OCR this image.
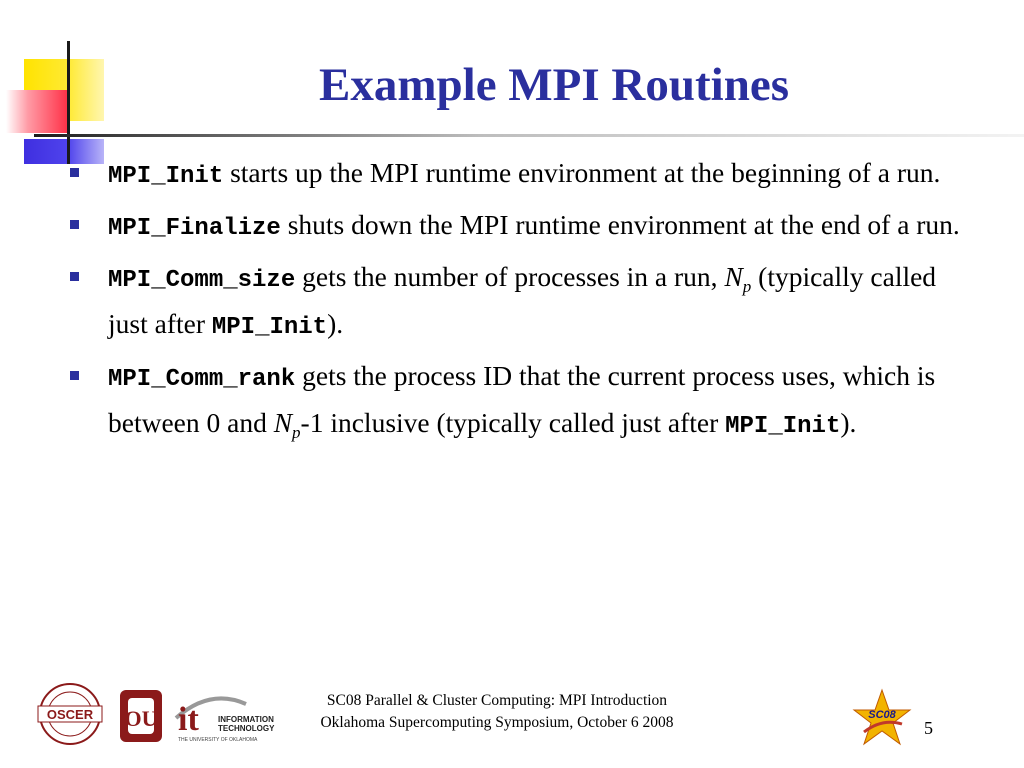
Example MPI Routines
MPI_Init starts up the MPI runtime environment at the beginning of a run.
MPI_Finalize shuts down the MPI runtime environment at the end of a run.
MPI_Comm_size gets the number of processes in a run, $N_p$ (typically called just after MPI_Init).
MPI_Comm_rank gets the process ID that the current process uses, which is between 0 and $N_p-1$ inclusive (typically called just after MPI_Init).
OSCER OU it INFORMATION
TECHNOLOGY
THE UNIVERSITY OF OKLAHOMA
SC08
SC08 Parallel & Cluster Computing: MPI Introduction
Oklahoma Supercomputing Symposium, October 6 2008	5
